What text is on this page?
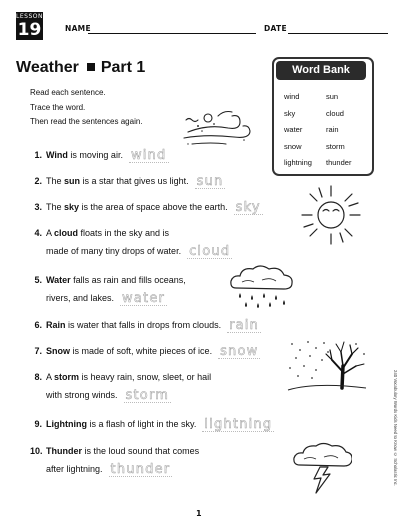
LESSON
19	NAME	DATE
Weather Part 1
Read each sentence.
Trace the word.
Then read the sentences again.
Word Bank
wind
sky
water
snow
lightning
sun
cloud
rain
storm
thunder
1. Wind is moving air. wind
2. The sun is a star that gives us light. sun
3. The sky is the area of space above the earth. sky
4. A cloud floats in the sky and is
made of many tiny drops of water. cloud
5. Water falls as rain and fills oceans,
rivers, and lakes. water
6. Rain is water that falls in drops from clouds. rain
7. Snow is made of soft, white pieces of ice. snow
8. A storm is heavy rain, snow, sleet, or hail
with strong winds. storm
9. Lightning is a flash of light in the sky. lightning
10. Thunder is the loud sound that comes
after lightning. thunder	240 Vocabulary Words Kids Need to Know © Scholastic Inc.
1
